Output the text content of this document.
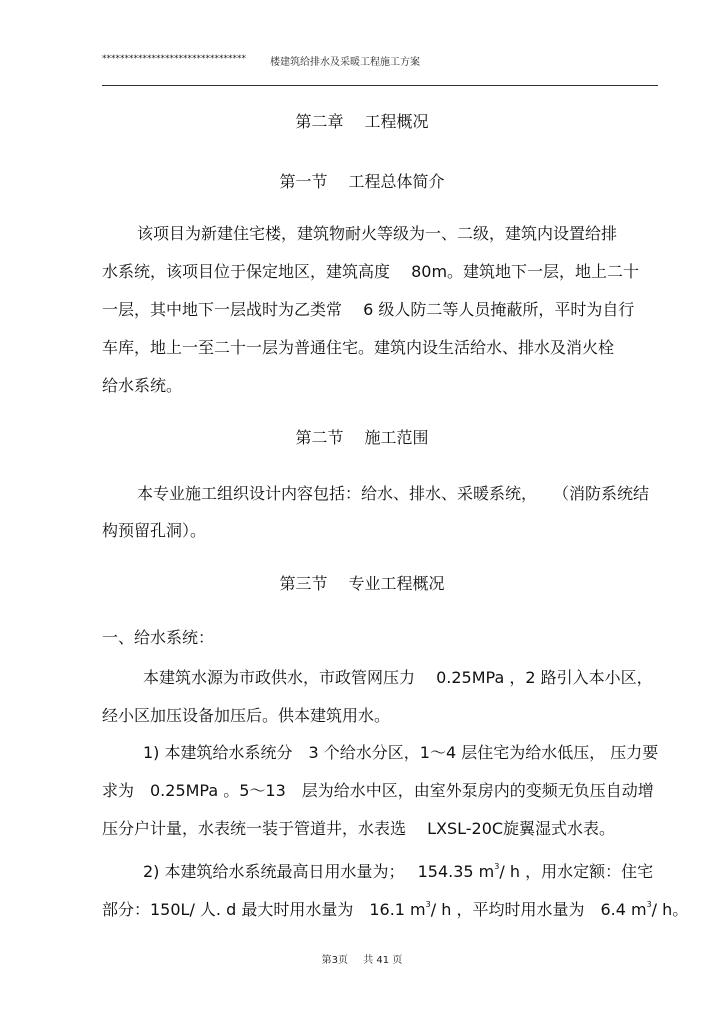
******************************** 楼建筑给排水及采暖工程施工方案
第二章　 工程概况
第一节　 工程总体简介
该项目为新建住宅楼，建筑物耐火等级为一、二级，建筑内设置给排
水系统，该项目位于保定地区，建筑高度　 80m。建筑地下一层，地上二十
一层，其中地下一层战时为乙类常　 6 级人防二等人员掩蔽所，平时为自行
车库，地上一至二十一层为普通住宅。建筑内设生活给水、排水及消火栓
给水系统。
第二节　 施工范围
本专业施工组织设计内容包括：给水、排水、采暖系统，　　（消防系统结
构预留孔洞）。
第三节　 专业工程概况
一、给水系统：
本建筑水源为市政供水，市政管网压力　 0.25MPa ，2 路引入本小区，
经小区加压设备加压后。供本建筑用水。
1) 本建筑给水系统分　3 个给水分区，1～4 层住宅为给水低压， 压力要
求为　0.25MPa 。5～13　层为给水中区，由室外泵房内的变频无负压自动增
压分户计量，水表统一装于管道井，水表选　 LXSL-20C旋翼湿式水表。
2) 本建筑给水系统最高日用水量为；　 154.35 $m^3/$ h ，用水定额：住宅
部分：150L/ 人. d 最大时用水量为　16.1 $m^3/$ h ，平均时用水量为　6.4 $m^3/$ h。
第3页 共 41 页
